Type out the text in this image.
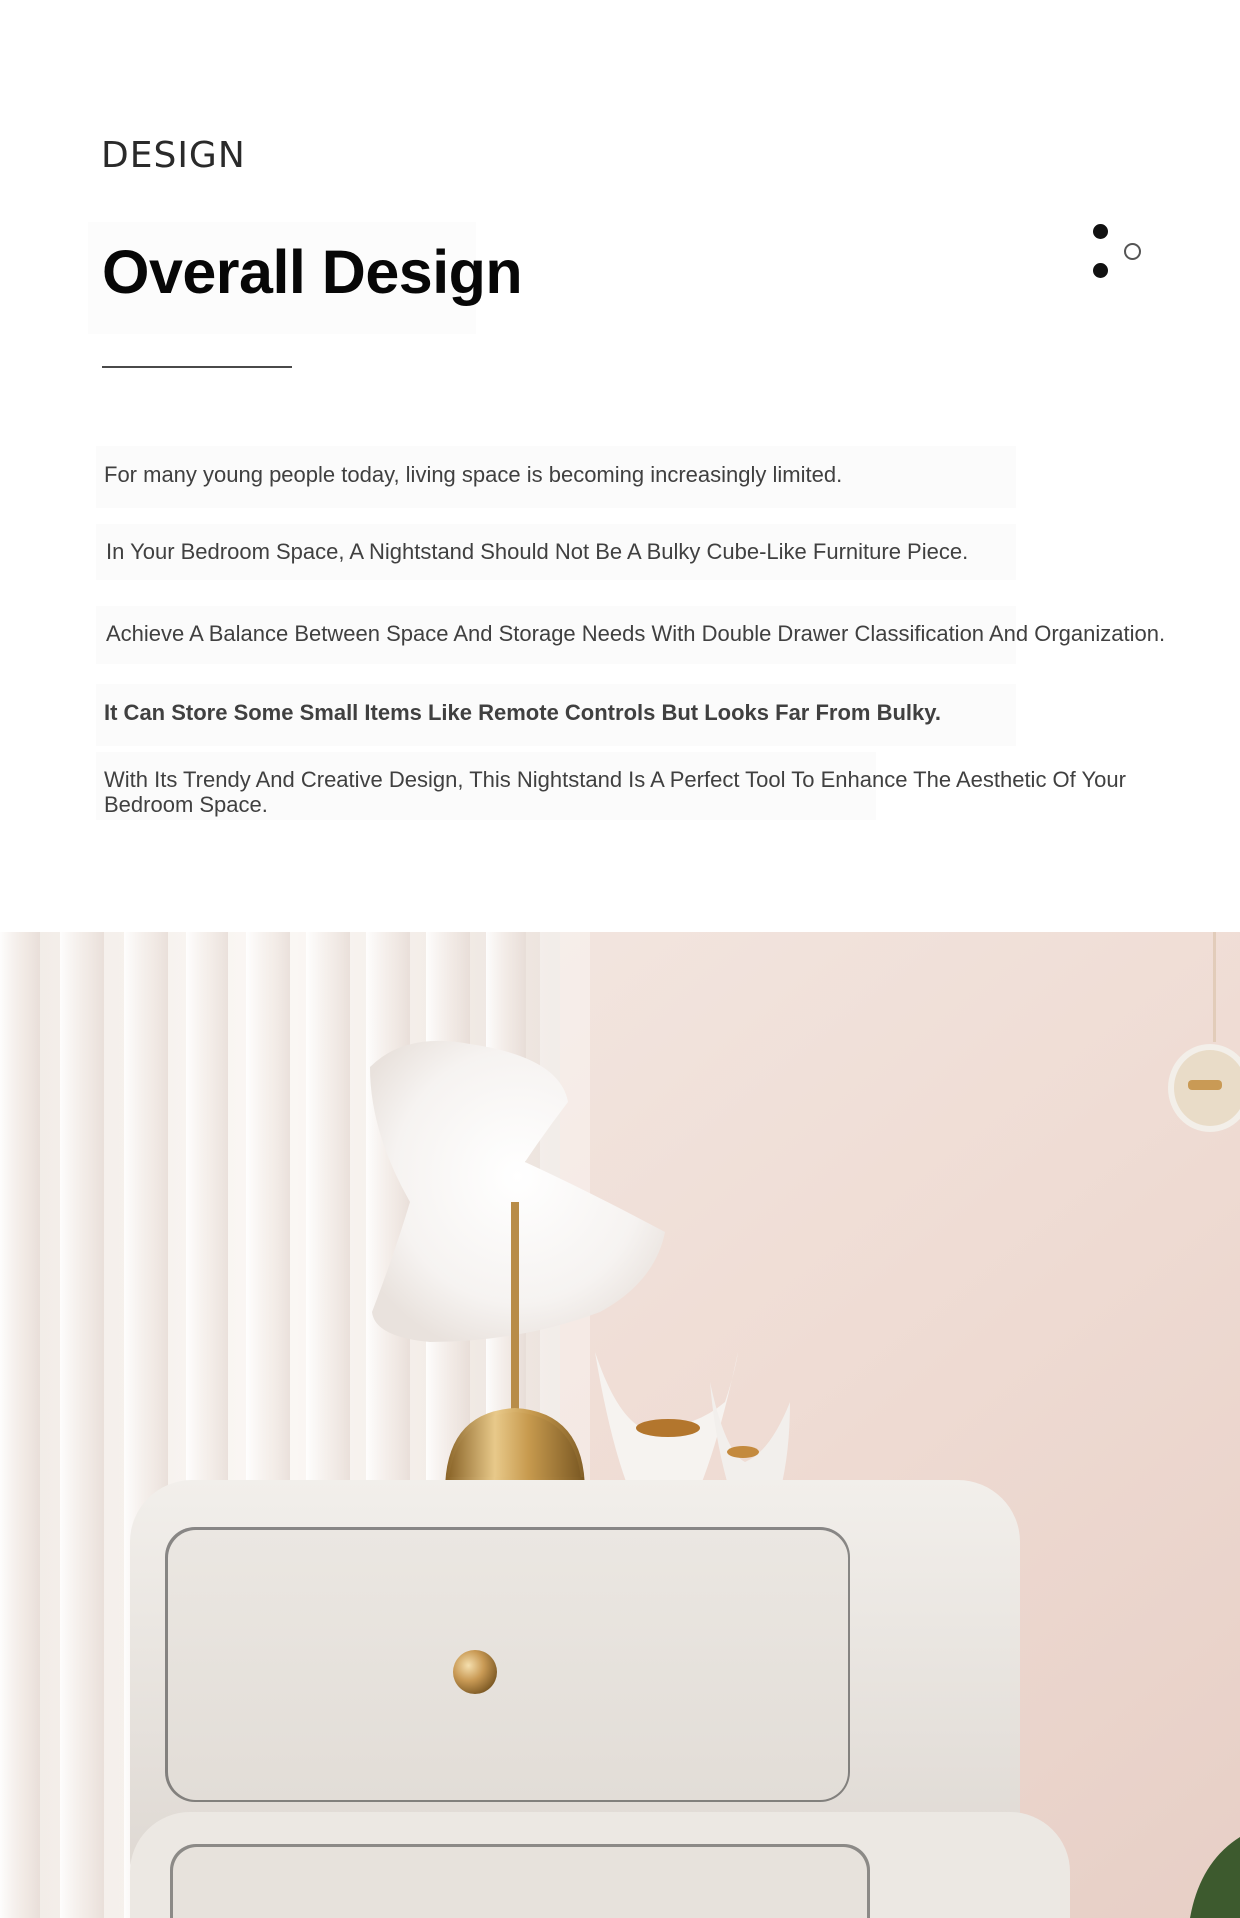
DESIGN
Overall Design

For many young people today, living space is becoming increasingly limited.

In Your Bedroom Space, A Nightstand Should Not Be A Bulky Cube-Like Furniture Piece.

Achieve A Balance Between Space And Storage Needs With Double Drawer Classification And Organization.

It Can Store Some Small Items Like Remote Controls But Looks Far From Bulky.

With Its Trendy And Creative Design, This Nightstand Is A Perfect Tool To Enhance The Aesthetic Of Your Bedroom Space.
